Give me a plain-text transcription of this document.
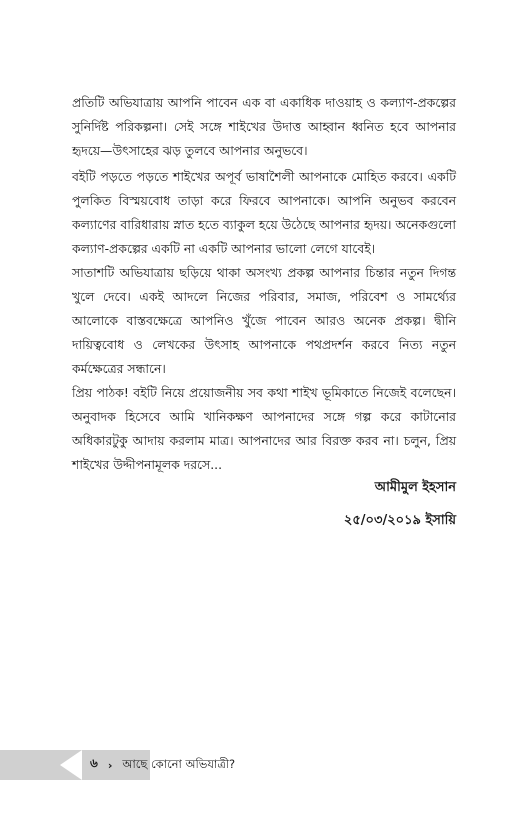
প্রতিটি অভিযাত্রায় আপনি পাবেন এক বা একাধিক দাওয়াহ ও কল্যাণ-প্রকল্পের সুনির্দিষ্ট পরিকল্পনা। সেই সঙ্গে শাইখের উদাত্ত আহ্বান ধ্বনিত হবে আপনার হৃদয়ে—উৎসাহের ঝড় তুলবে আপনার অনুভবে।

বইটি পড়তে পড়তে শাইখের অপূর্ব ভাষাশৈলী আপনাকে মোহিত করবে। একটি পুলকিত বিস্ময়বোধ তাড়া করে ফিরবে আপনাকে। আপনি অনুভব করবেন কল্যাণের বারিধারায় স্নাত হতে ব্যাকুল হয়ে উঠেছে আপনার হৃদয়। অনেকগুলো কল্যাণ-প্রকল্পের একটি না একটি আপনার ভালো লেগে যাবেই।

সাতাশটি অভিযাত্রায় ছড়িয়ে থাকা অসংখ্য প্রকল্প আপনার চিন্তার নতুন দিগন্ত খুলে দেবে। একই আদলে নিজের পরিবার, সমাজ, পরিবেশ ও সামর্থ্যের আলোকে বাস্তবক্ষেত্রে আপনিও খুঁজে পাবেন আরও অনেক প্রকল্প। দ্বীনি দায়িত্ববোধ ও লেখকের উৎসাহ আপনাকে পথপ্রদর্শন করবে নিত্য নতুন কর্মক্ষেত্রের সন্ধানে।

প্রিয় পাঠক! বইটি নিয়ে প্রয়োজনীয় সব কথা শাইখ ভূমিকাতে নিজেই বলেছেন। অনুবাদক হিসেবে আমি খানিকক্ষণ আপনাদের সঙ্গে গল্প করে কাটানোর অধিকারটুকু আদায় করলাম মাত্র। আপনাদের আর বিরক্ত করব না। চলুন, প্রিয় শাইখের উদ্দীপনামূলক দরসে...

আমীমুল ইহসান

২৫/০৩/২০১৯ ইসায়ি

৬ › আছে কোনো অভিযাত্রী?
